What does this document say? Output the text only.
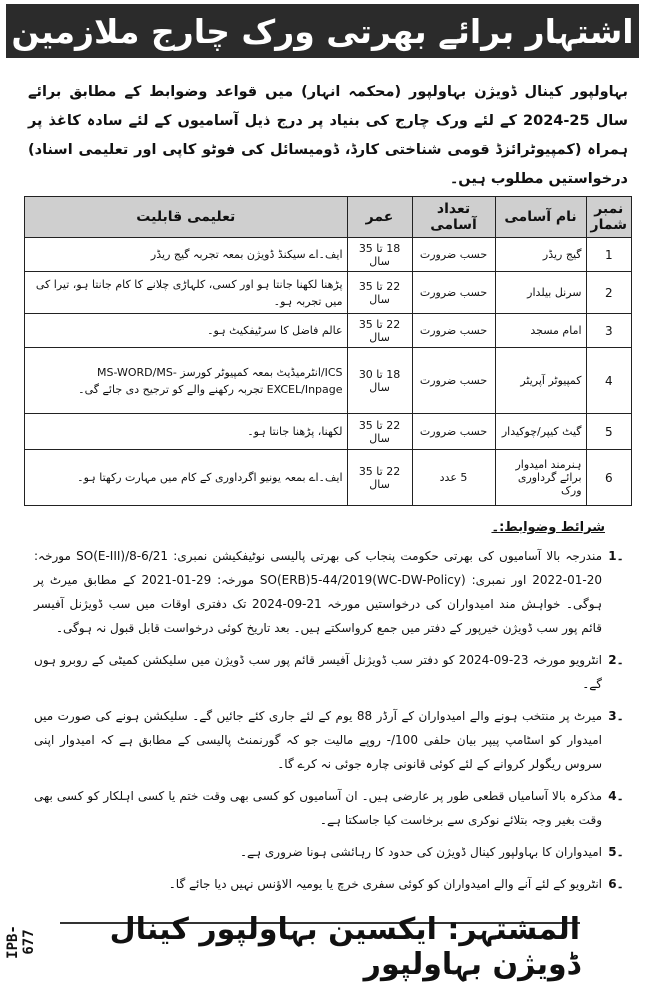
اشتہار برائے بھرتی ورک چارج ملازمین
بہاولپور کینال ڈویژن بہاولپور (محکمہ انہار) میں قواعد وضوابط کے مطابق برائے سال 25-2024 کے لئے ورک چارج کی بنیاد پر درج ذیل آسامیوں کے لئے سادہ کاغذ پر ہمراہ (کمپیوٹرائزڈ قومی شناختی کارڈ، ڈومیسائل کی فوٹو کاپی اور تعلیمی اسناد) درخواستیں مطلوب ہیں۔
نمبر شمار	نام آسامی	تعداد آسامی	عمر	تعلیمی قابلیت
1	گیج ریڈر	حسب ضرورت	18 تا 35 سال	ایف۔اے سیکنڈ ڈویژن بمعہ تجربہ گیج ریڈر
2	سرنل بیلدار	حسب ضرورت	22 تا 35 سال	پڑھنا لکھنا جانتا ہو اور کسی، کلہاڑی چلانے کا کام جانتا ہو، تیرا کی میں تجربہ ہو۔
3	امام مسجد	حسب ضرورت	22 تا 35 سال	عالم فاضل کا سرٹیفکیٹ ہو۔
4	کمپیوٹر آپریٹر	حسب ضرورت	18 تا 30 سال	ICS/انٹرمیڈیٹ بمعہ کمپیوٹر کورسز MS-WORD/MS-EXCEL/Inpage تجربہ رکھنے والے کو ترجیح دی جائے گی۔
5	گیٹ کیپر/چوکیدار	حسب ضرورت	22 تا 35 سال	لکھنا، پڑھنا جانتا ہو۔
6	ہنرمند امیدوار برائے گرداوری ورک	5 عدد	22 تا 35 سال	ایف۔اے بمعہ یونیو اگرداوری کے کام میں مہارت رکھتا ہو۔
شرائط وضوابط:۔
۔1
مندرجہ بالا آسامیوں کی بھرتی حکومت پنجاب کی بھرتی پالیسی نوٹیفکیشن نمبری: SO(E-III)/8-6/21 مورخہ: 20-01-2022 اور نمبری: SO(ERB)5-44/2019(WC-DW-Policy) مورخہ: 29-01-2021 کے مطابق میرٹ پر ہوگی۔ خواہش مند امیدواران کی درخواستیں مورخہ 21-09-2024 تک دفتری اوقات میں سب ڈویژنل آفیسر قائم پور سب ڈویژن خیرپور کے دفتر میں جمع کرواسکتے ہیں۔ بعد تاریخ کوئی درخواست قابل قبول نہ ہوگی۔
۔2
انٹرویو مورخہ 23-09-2024 کو دفتر سب ڈویژنل آفیسر قائم پور سب ڈویژن میں سلیکشن کمیٹی کے روبرو ہوں گے۔
۔3
میرٹ پر منتخب ہونے والے امیدواران کے آرڈر 88 یوم کے لئے جاری کئے جائیں گے۔ سلیکشن ہونے کی صورت میں امیدوار کو اسٹامپ پیپر بیان حلفی 100/- روپے مالیت جو کہ گورنمنٹ پالیسی کے مطابق ہے کہ امیدوار اپنی سروس ریگولر کروانے کے لئے کوئی قانونی چارہ جوئی نہ کرے گا۔
۔4
مذکرہ بالا آسامیاں قطعی طور پر عارضی ہیں۔ ان آسامیوں کو کسی بھی وقت ختم یا کسی اہلکار کو کسی بھی وقت بغیر وجہ بتلائے نوکری سے برخاست کیا جاسکتا ہے۔
۔5
امیدواران کا بہاولپور کینال ڈویژن کی حدود کا رہائشی ہونا ضروری ہے۔
۔6
انٹرویو کے لئے آنے والے امیدواران کو کوئی سفری خرچ یا یومیہ الاؤنس نہیں دیا جائے گا۔
المشتہر: ایکسین بہاولپور کینال ڈویژن بہاولپور
IPB-677
